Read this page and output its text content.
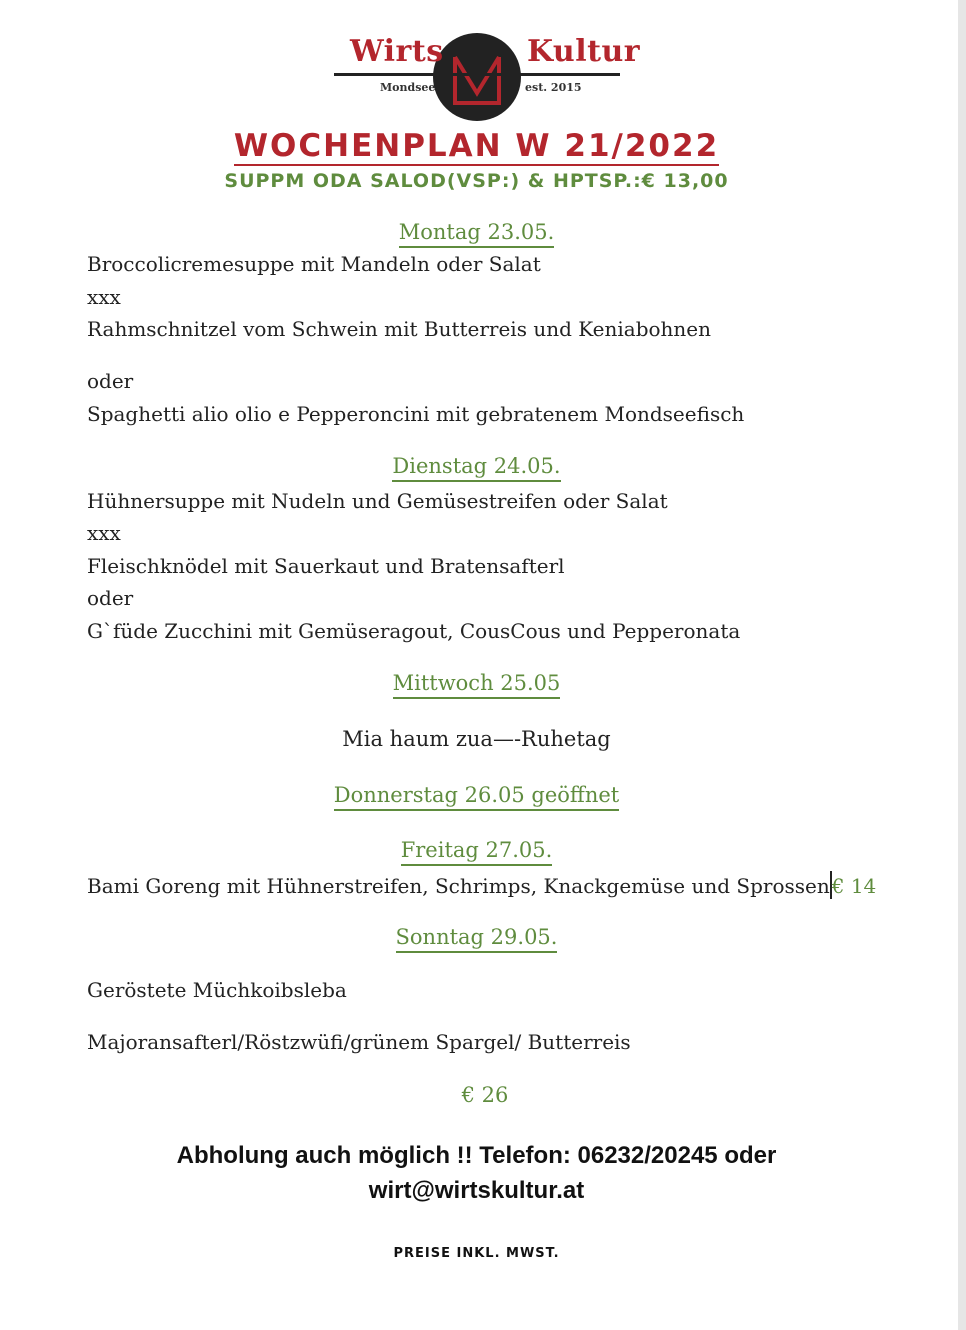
Wirts	Kultur
Mondsee	est. 2015
WOCHENPLAN W 21/2022
SUPPM ODA SALOD(VSP:) & HPTSP.:€ 13,00
Montag 23.05.
Broccolicremesuppe mit Mandeln oder Salat
xxx
Rahmschnitzel vom Schwein mit Butterreis und Keniabohnen
oder
Spaghetti alio olio e Pepperoncini mit gebratenem Mondseefisch
Dienstag 24.05.
Hühnersuppe mit Nudeln und Gemüsestreifen oder Salat
xxx
Fleischknödel mit Sauerkaut und Bratensafterl
oder
G`füde Zucchini mit Gemüseragout, CousCous und Pepperonata
Mittwoch 25.05
Mia haum zua—-Ruhetag
Donnerstag 26.05 geöffnet
Freitag 27.05.
Bami Goreng mit Hühnerstreifen, Schrimps, Knackgemüse und Sprossen € 14
Sonntag 29.05.
Geröstete Müchkoibsleba
Majoransafterl/Röstzwüfi/grünem Spargel/ Butterreis
€ 26
Abholung auch möglich !! Telefon: 06232/20245 oder
wirt@wirtskultur.at
PREISE INKL. MWST.
